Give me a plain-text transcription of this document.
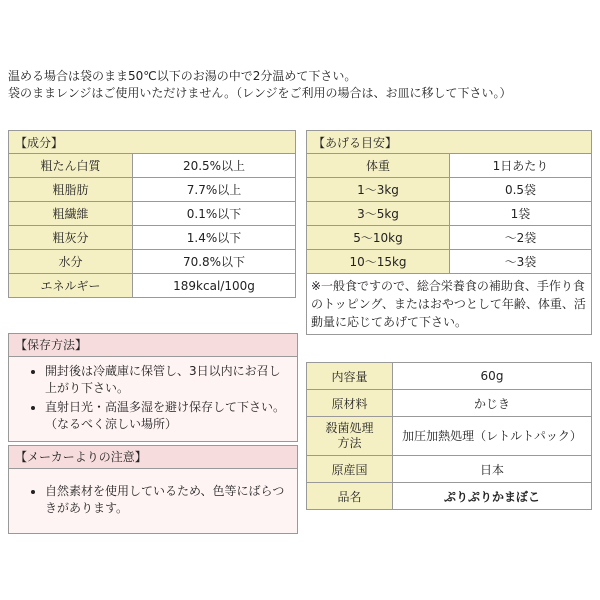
温める場合は袋のまま50℃以下のお湯の中で2分温めて下さい。
袋のままレンジはご使用いただけません。（レンジをご利用の場合は、お皿に移して下さい。）
【成分】	
粗たん白質	20.5%以上
粗脂肪	7.7%以上
粗繊維	0.1%以下
粗灰分	1.4%以下
水分	70.8%以下
エネルギー	189kcal/100g
【あげる目安】	
体重	1日あたり
1～3kg	0.5袋
3～5kg	1袋
5～10kg	～2袋
10～15kg	～3袋
※一般食ですので、総合栄養食の補助食、手作り食のトッピング、またはおやつとして年齢、体重、活動量に応じてあげて下さい。	
【保存方法】
• 開封後は冷蔵庫に保管し、3日以内にお召し上がり下さい。
• 直射日光・高温多湿を避け保存して下さい。（なるべく涼しい場所）
【メーカーよりの注意】
• 自然素材を使用しているため、色等にばらつきがあります。
内容量	60g
原材料	かじき

殺菌処理
方法	加圧加熱処理（レトルトパック）
原産国	日本
品名	ぷりぷりかまぼこ
